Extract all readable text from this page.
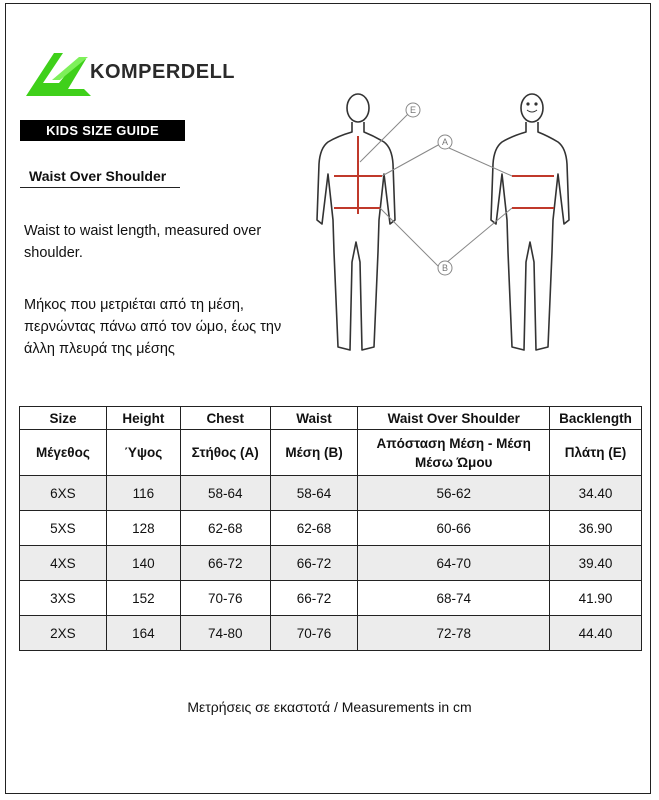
KOMPERDELL
KIDS SIZE GUIDE
Waist Over Shoulder
Waist to waist length, measured over shoulder.
Μήκος που μετριέται από τη μέση, περνώντας πάνω από τον ώμο, έως την άλλη πλευρά της μέσης
E
A
B
Size	Height	Chest	Waist	Waist Over Shoulder	Backlength
Μέγεθος	Ύψος	Στήθος (Α)	Μέση (Β)	Απόσταση Μέση - Μέση Μέσω Ώμου	Πλάτη (Ε)
6XS	116	58-64	58-64	56-62	34.40
5XS	128	62-68	62-68	60-66	36.90
4XS	140	66-72	66-72	64-70	39.40
3XS	152	70-76	66-72	68-74	41.90
2XS	164	74-80	70-76	72-78	44.40
Μετρήσεις σε εκαστοτά / Measurements in cm
